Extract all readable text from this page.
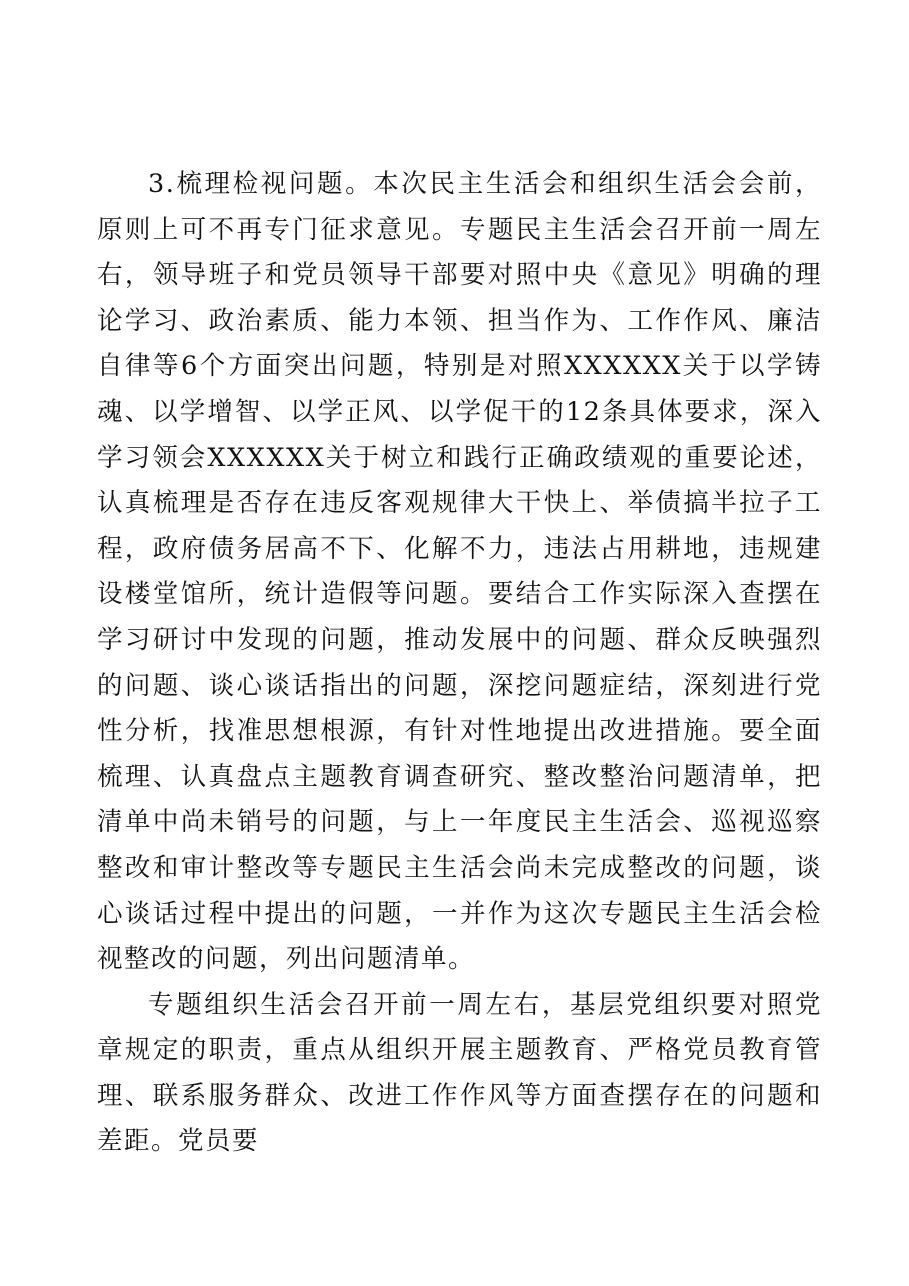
3.梳理检视问题。本次民主生活会和组织生活会会前，原则上可不再专门征求意见。专题民主生活会召开前一周左右，领导班子和党员领导干部要对照中央《意见》明确的理论学习、政治素质、能力本领、担当作为、工作作风、廉洁自律等6个方面突出问题，特别是对照XXXXXX关于以学铸魂、以学增智、以学正风、以学促干的12条具体要求，深入学习领会XXXXXX关于树立和践行正确政绩观的重要论述，认真梳理是否存在违反客观规律大干快上、举债搞半拉子工程，政府债务居高不下、化解不力，违法占用耕地，违规建设楼堂馆所，统计造假等问题。要结合工作实际深入查摆在学习研讨中发现的问题，推动发展中的问题、群众反映强烈的问题、谈心谈话指出的问题，深挖问题症结，深刻进行党性分析，找准思想根源，有针对性地提出改进措施。要全面梳理、认真盘点主题教育调查研究、整改整治问题清单，把清单中尚未销号的问题，与上一年度民主生活会、巡视巡察整改和审计整改等专题民主生活会尚未完成整改的问题，谈心谈话过程中提出的问题，一并作为这次专题民主生活会检视整改的问题，列出问题清单。

专题组织生活会召开前一周左右，基层党组织要对照党章规定的职责，重点从组织开展主题教育、严格党员教育管理、联系服务群众、改进工作作风等方面查摆存在的问题和差距。党员要
